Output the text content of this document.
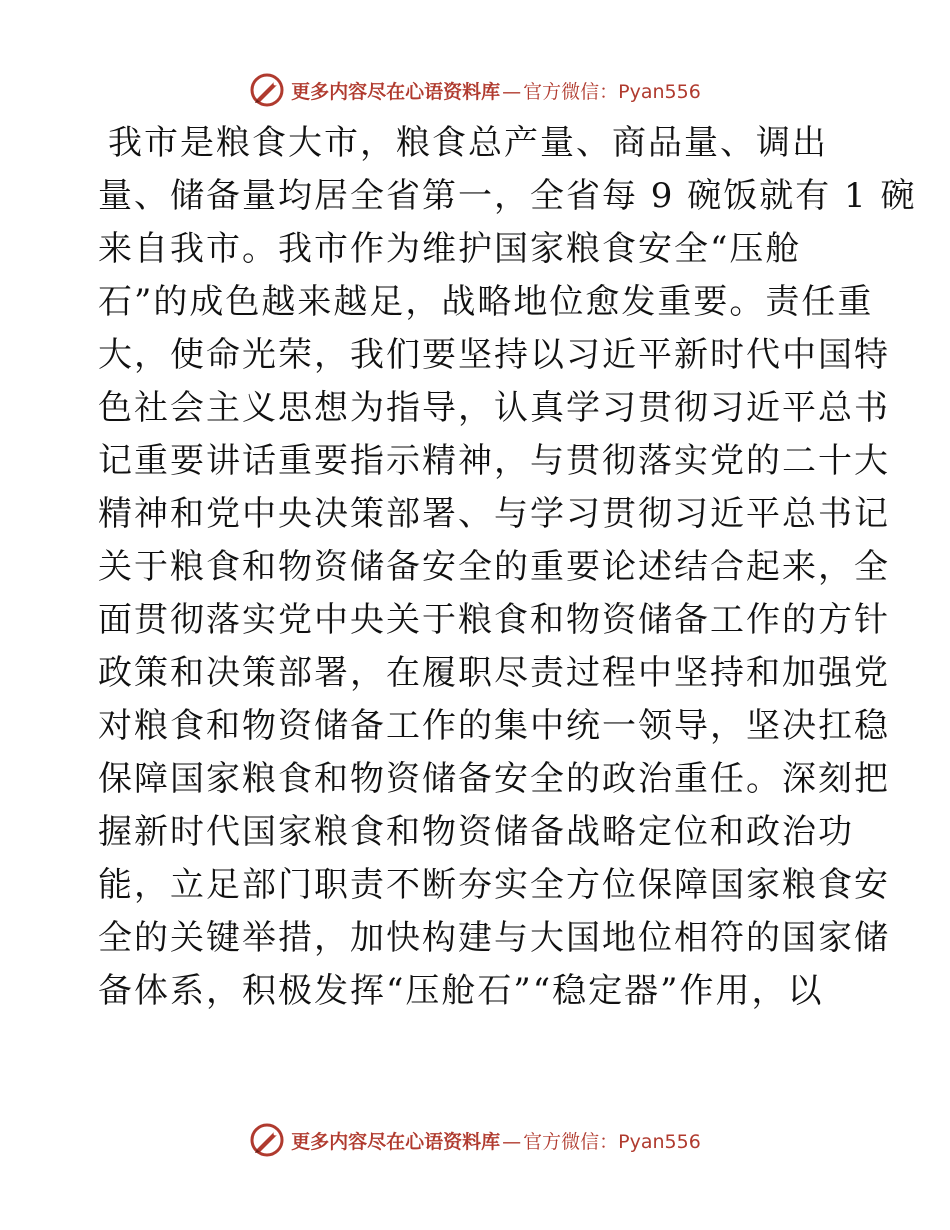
更多内容尽在心语资料库 — 官方微信：Pyan556
我市是粮食大市，粮食总产量、商品量、调出
量、储备量均居全省第一，全省每 9 碗饭就有 1 碗
来自我市。我市作为维护国家粮食安全“压舱
石”的成色越来越足，战略地位愈发重要。责任重
大，使命光荣，我们要坚持以习近平新时代中国特
色社会主义思想为指导，认真学习贯彻习近平总书
记重要讲话重要指示精神，与贯彻落实党的二十大
精神和党中央决策部署、与学习贯彻习近平总书记
关于粮食和物资储备安全的重要论述结合起来，全
面贯彻落实党中央关于粮食和物资储备工作的方针
政策和决策部署，在履职尽责过程中坚持和加强党
对粮食和物资储备工作的集中统一领导，坚决扛稳
保障国家粮食和物资储备安全的政治重任。深刻把
握新时代国家粮食和物资储备战略定位和政治功
能，立足部门职责不断夯实全方位保障国家粮食安
全的关键举措，加快构建与大国地位相符的国家储
备体系，积极发挥“压舱石”“稳定器”作用，以
更多内容尽在心语资料库 — 官方微信：Pyan556
